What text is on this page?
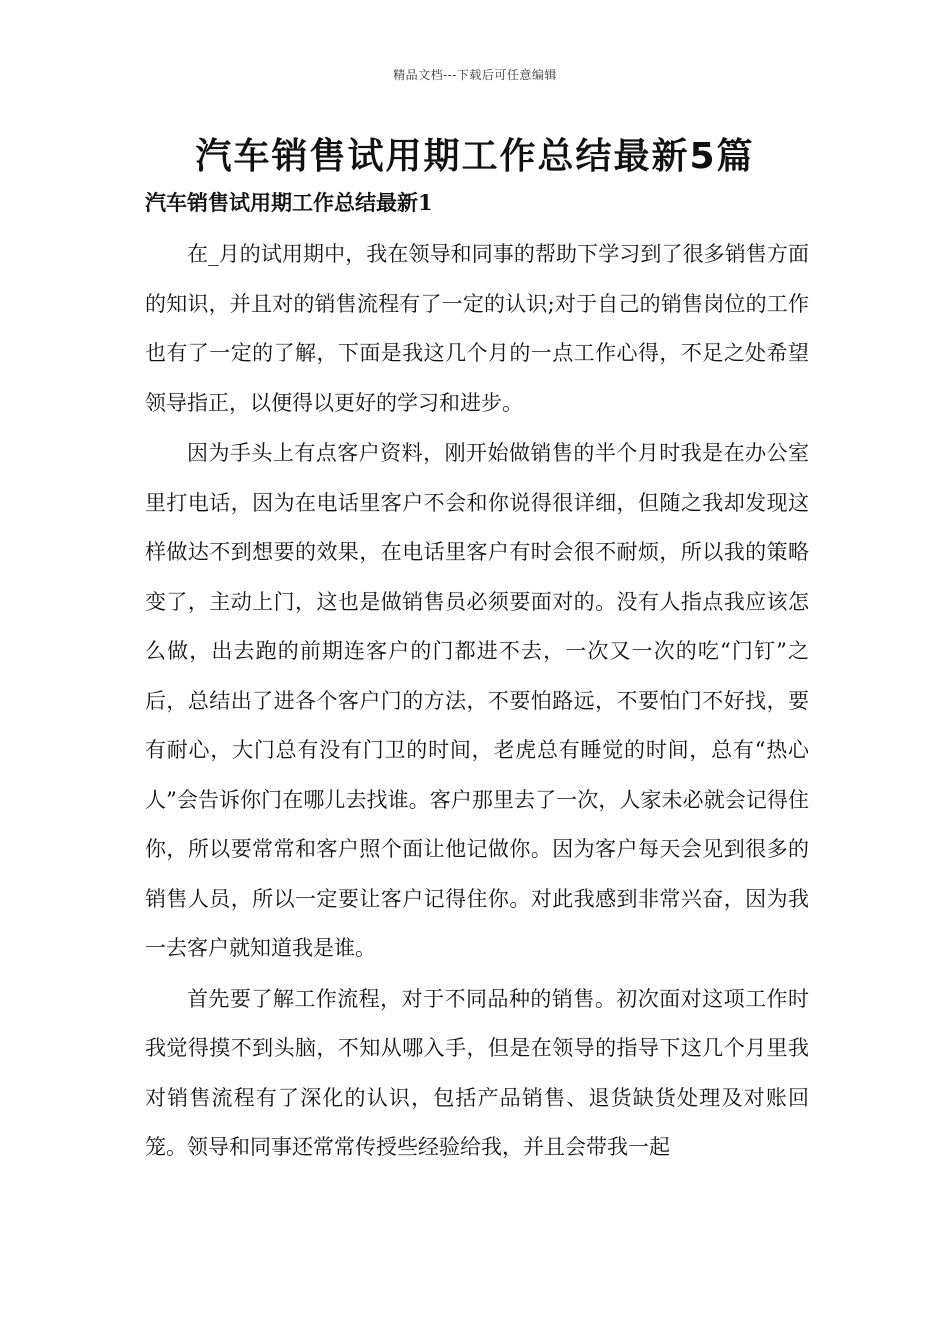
精品文档---下载后可任意编辑
汽车销售试用期工作总结最新5篇
汽车销售试用期工作总结最新1

在_月的试用期中，我在领导和同事的帮助下学习到了很多销售方面的知识，并且对的销售流程有了一定的认识;对于自己的销售岗位的工作也有了一定的了解，下面是我这几个月的一点工作心得，不足之处希望领导指正，以便得以更好的学习和进步。

因为手头上有点客户资料，刚开始做销售的半个月时我是在办公室里打电话，因为在电话里客户不会和你说得很详细，但随之我却发现这样做达不到想要的效果，在电话里客户有时会很不耐烦，所以我的策略变了，主动上门，这也是做销售员必须要面对的。没有人指点我应该怎么做，出去跑的前期连客户的门都进不去，一次又一次的吃“门钉”之后，总结出了进各个客户门的方法，不要怕路远，不要怕门不好找，要有耐心，大门总有没有门卫的时间，老虎总有睡觉的时间，总有“热心人”会告诉你门在哪儿去找谁。客户那里去了一次，人家未必就会记得住你，所以要常常和客户照个面让他记做你。因为客户每天会见到很多的销售人员，所以一定要让客户记得住你。对此我感到非常兴奋，因为我一去客户就知道我是谁。

首先要了解工作流程，对于不同品种的销售。初次面对这项工作时我觉得摸不到头脑，不知从哪入手，但是在领导的指导下这几个月里我对销售流程有了深化的认识，包括产品销售、退货缺货处理及对账回笼。领导和同事还常常传授些经验给我，并且会带我一起
